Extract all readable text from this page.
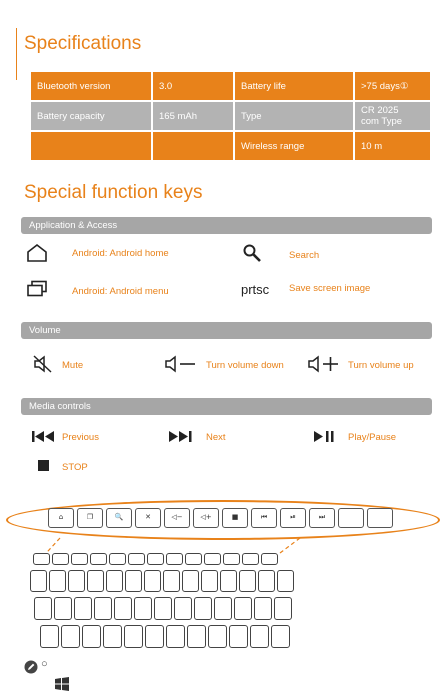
Specifications
Bluetooth version	3.0	Battery life	>75 days①
Battery capacity	165 mAh	Type	CR 2025
com Type
		Wireless range	10 m
Special function keys
Application & Access
Android: Android home	Search
Android: Android menu	prtsc Save screen image
Volume
Mute	Turn volume down	Turn volume up
Media controls
Previous	Next	Play/Pause
STOP
⌂	❐	🔍	✕	◁−	◁+	■	⏮	⏯	⏭
○
